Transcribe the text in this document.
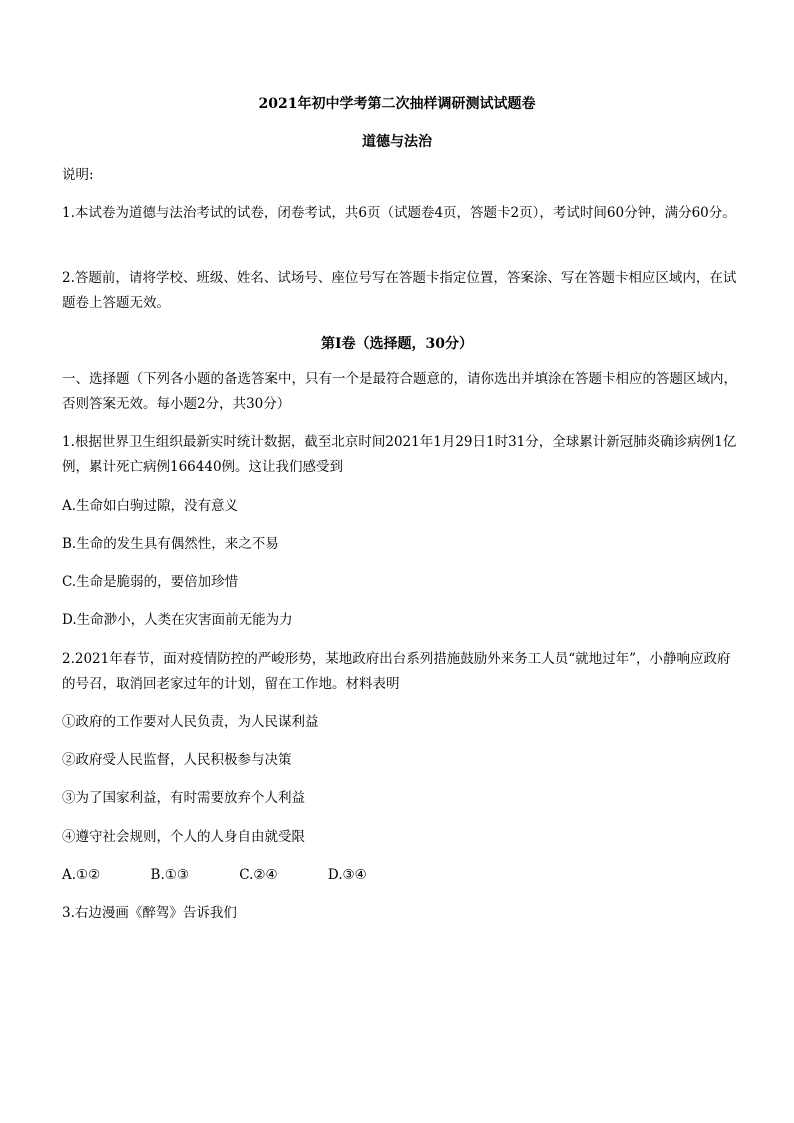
2021年初中学考第二次抽样调研测试试题卷
道德与法治
说明:
1.本试卷为道德与法治考试的试卷，闭卷考试，共6页（试题卷4页，答题卡2页），考试时间60分钟，满分60分。
2.答题前，请将学校、班级、姓名、试场号、座位号写在答题卡指定位置，答案涂、写在答题卡相应区域内，在试题卷上答题无效。
第Ⅰ卷（选择题，30分）
一、选择题（下列各小题的备选答案中，只有一个是最符合题意的，请你选出并填涂在答题卡相应的答题区域内，否则答案无效。每小题2分，共30分）
1.根据世界卫生组织最新实时统计数据，截至北京时间2021年1月29日1时31分，全球累计新冠肺炎确诊病例1亿例，累计死亡病例166440例。这让我们感受到
A.生命如白驹过隙，没有意义
B.生命的发生具有偶然性，来之不易
C.生命是脆弱的，要倍加珍惜
D.生命渺小，人类在灾害面前无能为力
2.2021年春节，面对疫情防控的严峻形势，某地政府出台系列措施鼓励外来务工人员“就地过年”，小静响应政府的号召，取消回老家过年的计划，留在工作地。材料表明
①政府的工作要对人民负责，为人民谋利益
②政府受人民监督，人民积极参与决策
③为了国家利益，有时需要放弃个人利益
④遵守社会规则，个人的人身自由就受限
A.①②	B.①③	C.②④	D.③④
3.右边漫画《醉驾》告诉我们
